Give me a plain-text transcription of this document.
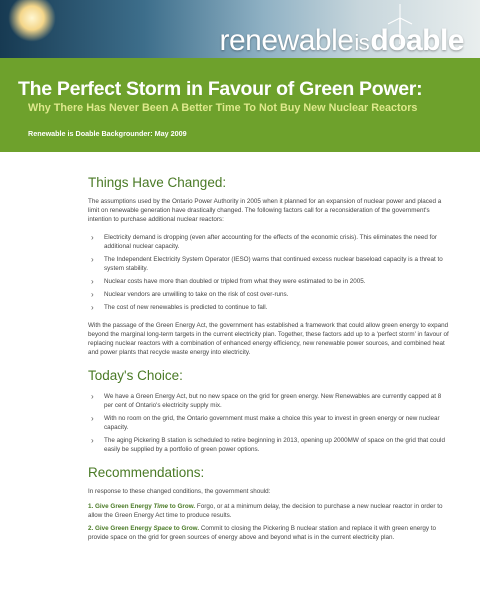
renewableisdoable
The Perfect Storm in Favour of Green Power:
Why There Has Never Been A Better Time To Not Buy New Nuclear Reactors
Renewable is Doable Backgrounder: May 2009
Things Have Changed:

The assumptions used by the Ontario Power Authority in 2005 when it planned for an expansion of nuclear power and placed a limit on renewable generation have drastically changed. The following factors call for a reconsideration of the government's intention to purchase additional nuclear reactors:

› Electricity demand is dropping (even after accounting for the effects of the economic crisis). This eliminates the need for additional nuclear capacity.
› The Independent Electricity System Operator (IESO) warns that continued excess nuclear baseload capacity is a threat to system stability.
› Nuclear costs have more than doubled or tripled from what they were estimated to be in 2005.
› Nuclear vendors are unwilling to take on the risk of cost over-runs.
› The cost of new renewables is predicted to continue to fall.

With the passage of the Green Energy Act, the government has established a framework that could allow green energy to expand beyond the marginal long-term targets in the current electricity plan. Together, these factors add up to a 'perfect storm' in favour of replacing nuclear reactors with a combination of enhanced energy efficiency, new renewable power sources, and combined heat and power plants that recycle waste energy into electricity.

Today's Choice:
› We have a Green Energy Act, but no new space on the grid for green energy. New Renewables are currently capped at 8 per cent of Ontario's electricity supply mix.
› With no room on the grid, the Ontario government must make a choice this year to invest in green energy or new nuclear capacity.
› The aging Pickering B station is scheduled to retire beginning in 2013, opening up 2000MW of space on the grid that could easily be supplied by a portfolio of green power options.
Recommendations:

In response to these changed conditions, the government should:

1. Give Green Energy Time to Grow. Forgo, or at a minimum delay, the decision to purchase a new nuclear reactor in order to allow the Green Energy Act time to produce results.
2. Give Green Energy Space to Grow. Commit to closing the Pickering B nuclear station and replace it with green energy to provide space on the grid for green sources of energy above and beyond what is in the current electricity plan.
